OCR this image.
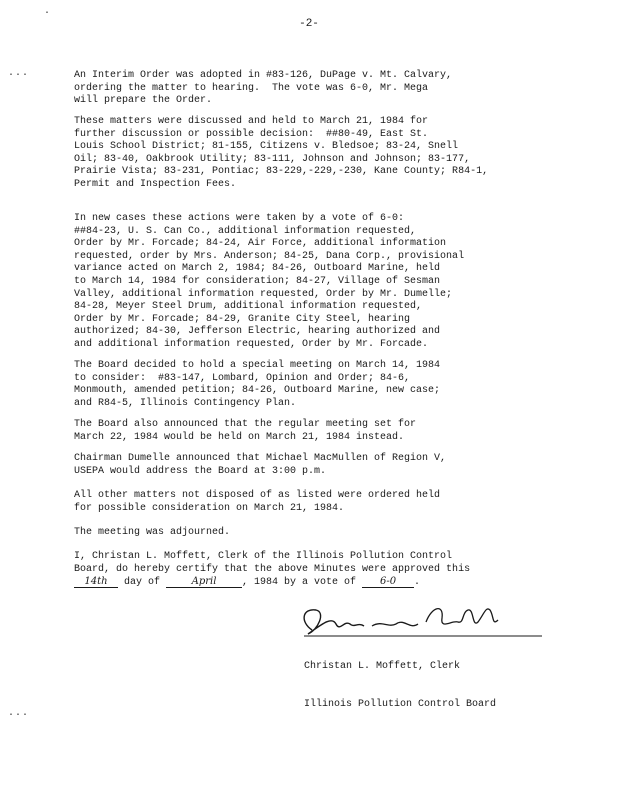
·
···
···
-2-

An Interim Order was adopted in #83-126, DuPage v. Mt. Calvary,
ordering the matter to hearing.  The vote was 6-0, Mr. Mega
will prepare the Order.

These matters were discussed and held to March 21, 1984 for
further discussion or possible decision:  ##80-49, East St.
Louis School District; 81-155, Citizens v. Bledsoe; 83-24, Snell
Oil; 83-40, Oakbrook Utility; 83-111, Johnson and Johnson; 83-177,
Prairie Vista; 83-231, Pontiac; 83-229,-229,-230, Kane County; R84-1,
Permit and Inspection Fees.

In new cases these actions were taken by a vote of 6-0:
##84-23, U. S. Can Co., additional information requested,
Order by Mr. Forcade; 84-24, Air Force, additional information
requested, order by Mrs. Anderson; 84-25, Dana Corp., provisional
variance acted on March 2, 1984; 84-26, Outboard Marine, held
to March 14, 1984 for consideration; 84-27, Village of Sesman
Valley, additional information requested, Order by Mr. Dumelle;
84-28, Meyer Steel Drum, additional information requested,
Order by Mr. Forcade; 84-29, Granite City Steel, hearing
authorized; 84-30, Jefferson Electric, hearing authorized and
and additional information requested, Order by Mr. Forcade.

The Board decided to hold a special meeting on March 14, 1984
to consider:  #83-147, Lombard, Opinion and Order; 84-6,
Monmouth, amended petition; 84-26, Outboard Marine, new case;
and R84-5, Illinois Contingency Plan.

The Board also announced that the regular meeting set for
March 22, 1984 would be held on March 21, 1984 instead.

Chairman Dumelle announced that Michael MacMullen of Region V,
USEPA would address the Board at 3:00 p.m.

All other matters not disposed of as listed were ordered held
for possible consideration on March 21, 1984.

The meeting was adjourned.

I, Christan L. Moffett, Clerk of the Illinois Pollution Control
Board, do hereby certify that the above Minutes were approved this
14th day of	April	, 1984 by a vote of 6-0 .

Christan L. Moffett, Clerk

Illinois Pollution Control Board
